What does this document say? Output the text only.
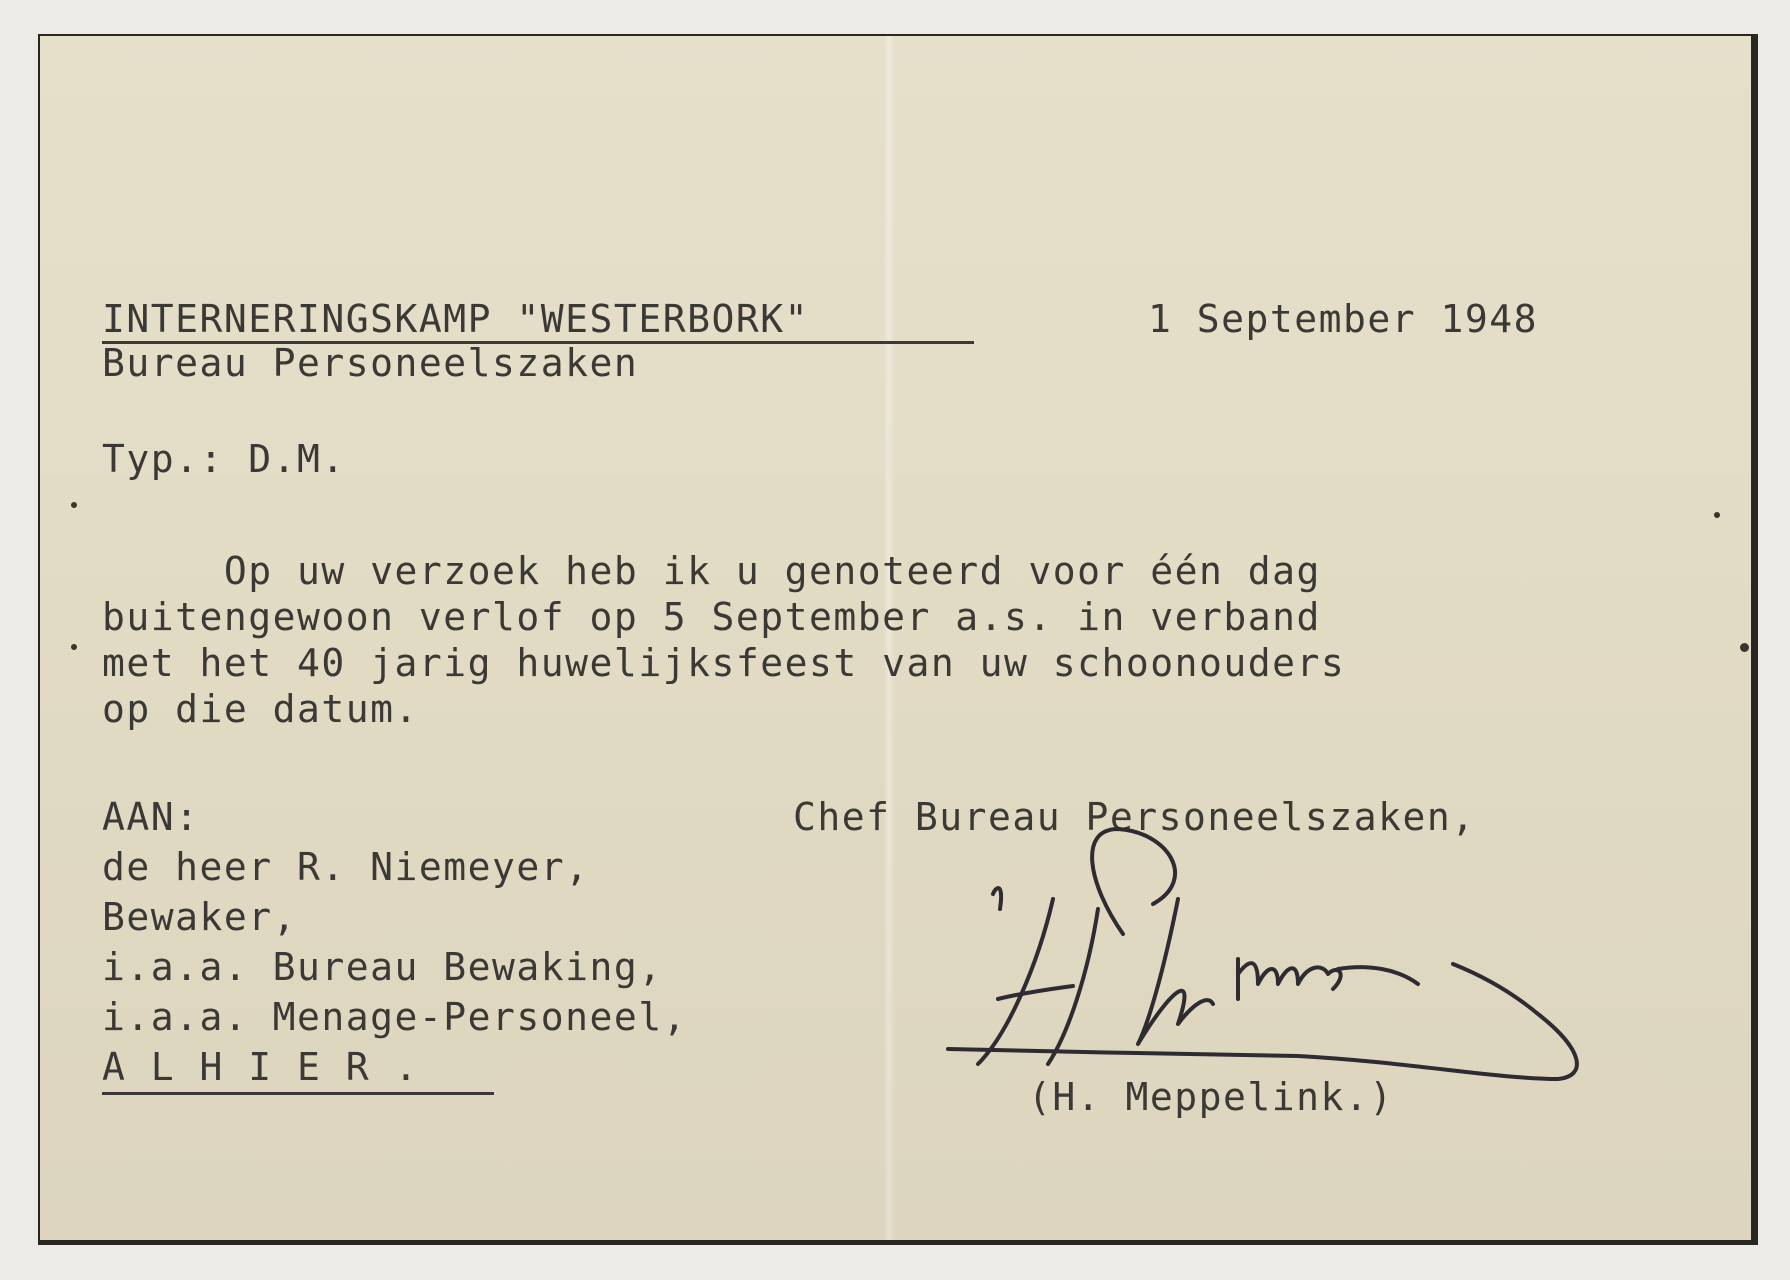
INTERNERINGSKAMP "WESTERBORK"	1 September 1948

Bureau Personeelszaken

Typ.: D.M.

Op uw verzoek heb ik u genoteerd voor één dag

buitengewoon verlof op 5 September a.s. in verband

met het 40 jarig huwelijksfeest van uw schoonouders

op die datum.

AAN:

de heer R. Niemeyer,

Bewaker,

i.a.a. Bureau Bewaking,

i.a.a. Menage-Personeel,

A L H I E R .

Chef Bureau Personeelszaken,

(H. Meppelink.)
